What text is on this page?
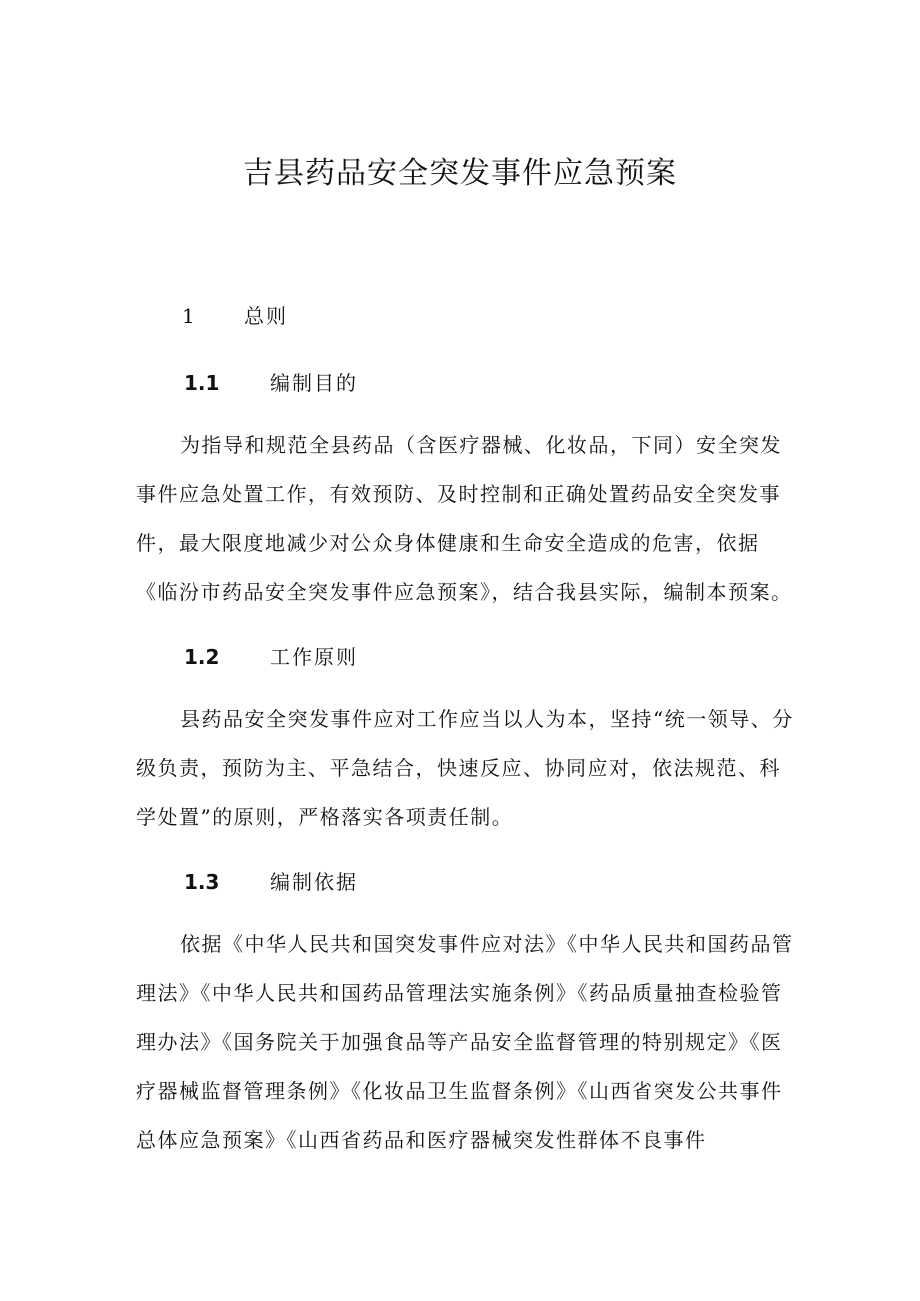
吉县药品安全突发事件应急预案
1 总则
1.1	编制目的

为指导和规范全县药品（含医疗器械、化妆品，下同）安全突发事件应急处置工作，有效预防、及时控制和正确处置药品安全突发事件，最大限度地减少对公众身体健康和生命安全造成的危害，依据《临汾市药品安全突发事件应急预案》，结合我县实际，编制本预案。

1.2	工作原则

县药品安全突发事件应对工作应当以人为本，坚持“统一领导、分级负责，预防为主、平急结合，快速反应、协同应对，依法规范、科学处置”的原则，严格落实各项责任制。

1.3	编制依据

依据《中华人民共和国突发事件应对法》《中华人民共和国药品管理法》《中华人民共和国药品管理法实施条例》《药品质量抽查检验管理办法》《国务院关于加强食品等产品安全监督管理的特别规定》《医疗器械监督管理条例》《化妆品卫生监督条例》《山西省突发公共事件总体应急预案》《山西省药品和医疗器械突发性群体不良事件
